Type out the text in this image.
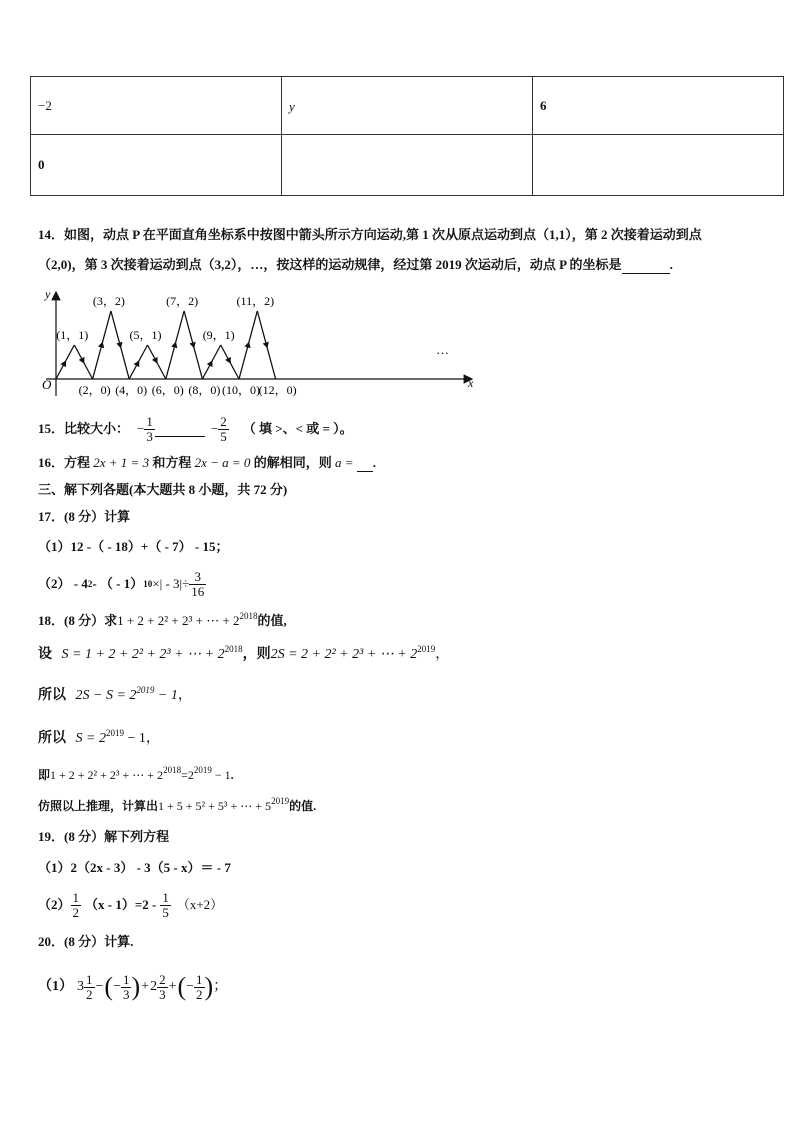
−2	y	6
0		
14．如图，动点 P 在平面直角坐标系中按图中箭头所示方向运动,第 1 次从原点运动到点（1,1），第 2 次接着运动到点
（2,0)，第 3 次接着运动到点（3,2），…，按这样的运动规律，经过第 2019 次运动后，动点 P 的坐标是	.
y
x
O
(1，1)
(3，2)
(5，1)
(7，2)
(9，1)
(11，2)
(2，0) (4，0) (6，0) (8，0) (10，0)
(12，0)
…
15．比较大小： − $\frac{1}{3}$	− $\frac{2}{5}$ （ 填 >、< 或 = ）。
16．方程 2x + 1 = 3 和方程 2x − a = 0 的解相同，则 a = .
三、解下列各题(本大题共 8 小题，共 72 分)
17．(8 分）计算
（1）12 -（ - 18）+（ - 7） - 15；
（2） - 4 2 - （ - 1） 10 ×| - $3|\div \frac{3}{16}$
18．(8 分）求1 + 2 + 2² + 2³ + ⋯ + $2^{2018}$的值,
设 S = 1 + 2 + 2² + 2³ + ⋯ + $2^{2018}$，则2S = 2 + 2² + 2³ + ⋯ + $2^{2019}$，
所以 $2S - S = 2^{2019} - 1$，
所以 $S = 2^{2019} - 1$，
即1 + 2 + 2² + 2³ + ⋯ + $2^{2018}=2^{2019} - 1$.
仿照以上推理，计算出1 + 5 + 5² + 5³ + ⋯ + $5^{2019}$的值.
19．(8 分）解下列方程
（1）2（2x - 3） - 3（5 - x）＝ - 7
$(2) \frac{1}{2} (x - 1)=2 - \frac{1}{5} (x+2)$
20．(8 分）计算.
（1） $3 \frac{1}{2}$ − ( − $\frac{1}{3}$ ) + $2 \frac{2}{3}$ + ( − $\frac{1}{2}$ ) ；
